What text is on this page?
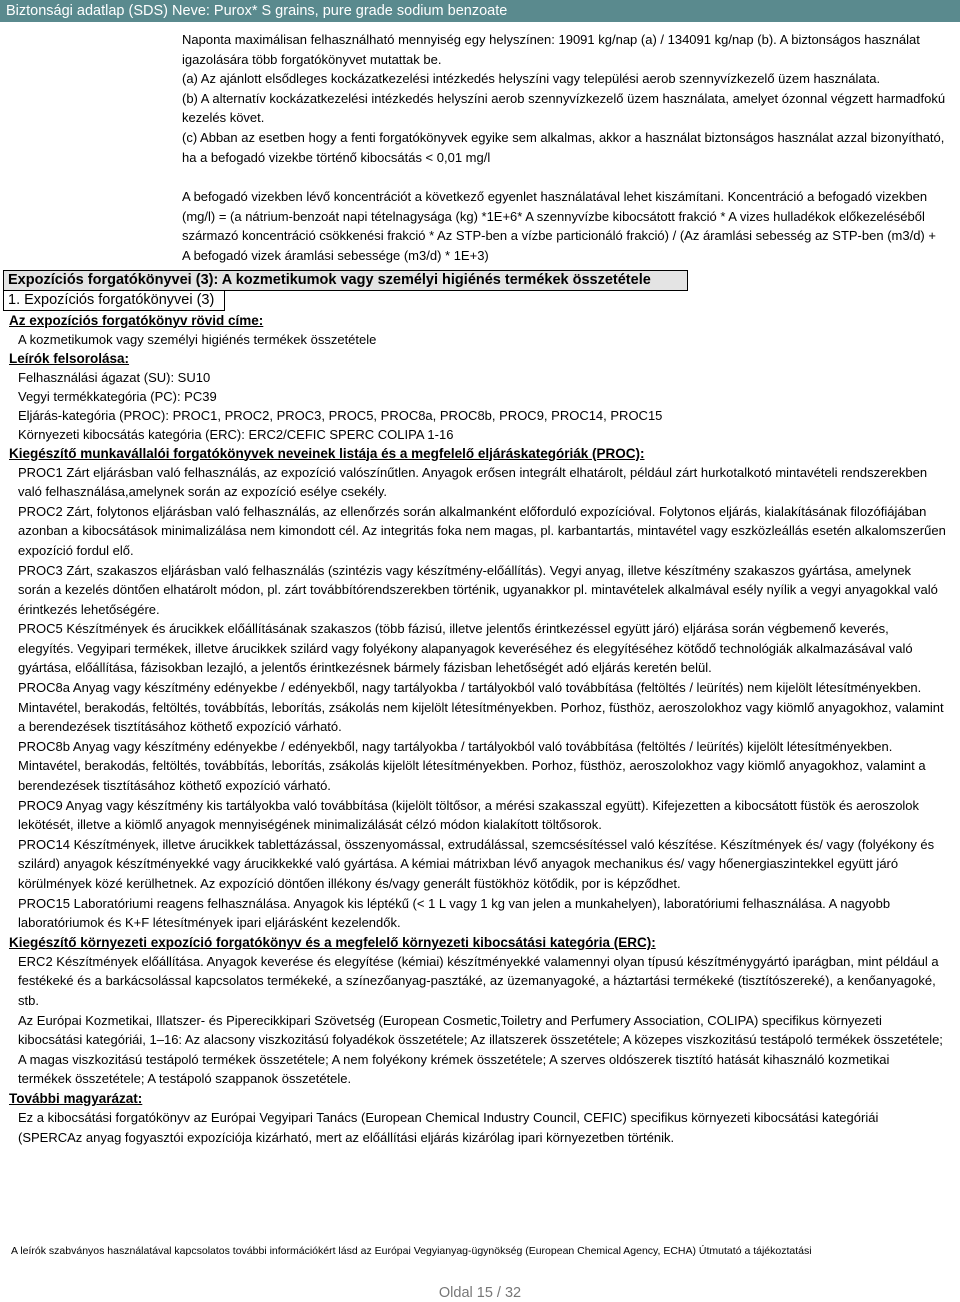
Biztonsági adatlap (SDS) Neve: Purox* S grains, pure grade sodium benzoate

Naponta maximálisan felhasználható mennyiség egy helyszínen: 19091 kg/nap (a) / 134091 kg/nap (b). A biztonságos használat igazolására több forgatókönyvet mutattak be.

(a) Az ajánlott elsődleges kockázatkezelési intézkedés helyszíni vagy települési aerob szennyvízkezelő üzem használata.

(b) A alternatív kockázatkezelési intézkedés helyszíni aerob szennyvízkezelő üzem használata, amelyet ózonnal végzett harmadfokú kezelés követ.

(c) Abban az esetben hogy a fenti forgatókönyvek egyike sem alkalmas, akkor a használat biztonságos használat azzal bizonyítható, ha a befogadó vizekbe történő kibocsátás < 0,01 mg/l

A befogadó vizekben lévő koncentrációt a következő egyenlet használatával lehet kiszámítani. Koncentráció a befogadó vizekben (mg/l) = (a nátrium-benzoát napi tételnagysága (kg) *1E+6* A szennyvízbe kibocsátott frakció * A vizes hulladékok előkezeléséből származó koncentráció csökkenési frakció * Az STP-ben a vízbe particionáló frakció) / (Az áramlási sebesség az STP-ben (m3/d) + A befogadó vizek áramlási sebessége (m3/d) * 1E+3)

Expozíciós forgatókönyvei (3): A kozmetikumok vagy személyi higiénés termékek összetétele
1. Expozíciós forgatókönyvei (3)
Az expozíciós forgatókönyv rövid címe:
A kozmetikumok vagy személyi higiénés termékek összetétele
Leírók felsorolása:
Felhasználási ágazat (SU): SU10
Vegyi termékkategória (PC): PC39
Eljárás-kategória (PROC): PROC1, PROC2, PROC3, PROC5, PROC8a, PROC8b, PROC9, PROC14, PROC15
Környezeti kibocsátás kategória (ERC): ERC2/CEFIC SPERC COLIPA 1-16
Kiegészítő munkavállalói forgatókönyvek neveinek listája és a megfelelő eljáráskategóriák (PROC):

PROC1 Zárt eljárásban való felhasználás, az expozíció valószínűtlen. Anyagok erősen integrált elhatárolt, például zárt hurkotalkotó mintavételi rendszerekben való felhasználása,amelynek során az expozíció esélye csekély.

PROC2 Zárt, folytonos eljárásban való felhasználás, az ellenőrzés során alkalmanként előforduló expozícióval. Folytonos eljárás, kialakításának filozófiájában azonban a kibocsátások minimalizálása nem kimondott cél. Az integritás foka nem magas, pl. karbantartás, mintavétel vagy eszközleállás esetén alkalomszerűen expozíció fordul elő.

PROC3 Zárt, szakaszos eljárásban való felhasználás (szintézis vagy készítmény-előállítás). Vegyi anyag, illetve készítmény szakaszos gyártása, amelynek során a kezelés döntően elhatárolt módon, pl. zárt továbbítórendszerekben történik, ugyanakkor pl. mintavételek alkalmával esély nyílik a vegyi anyagokkal való érintkezés lehetőségére.

PROC5 Készítmények és árucikkek előállításának szakaszos (több fázisú, illetve jelentős érintkezéssel együtt járó) eljárása során végbemenő keverés, elegyítés. Vegyipari termékek, illetve árucikkek szilárd vagy folyékony alapanyagok keveréséhez és elegyítéséhez kötődő technológiák alkalmazásával való gyártása, előállítása, fázisokban lezajló, a jelentős érintkezésnek bármely fázisban lehetőségét adó eljárás keretén belül.

PROC8a Anyag vagy készítmény edényekbe / edényekből, nagy tartályokba / tartályokból való továbbítása (feltöltés / leürítés) nem kijelölt létesítményekben. Mintavétel, berakodás, feltöltés, továbbítás, leborítás, zsákolás nem kijelölt létesítményekben. Porhoz, füsthöz, aeroszolokhoz vagy kiömlő anyagokhoz, valamint a berendezések tisztításához köthető expozíció várható.

PROC8b Anyag vagy készítmény edényekbe / edényekből, nagy tartályokba / tartályokból való továbbítása (feltöltés / leürítés) kijelölt létesítményekben. Mintavétel, berakodás, feltöltés, továbbítás, leborítás, zsákolás kijelölt létesítményekben. Porhoz, füsthöz, aeroszolokhoz vagy kiömlő anyagokhoz, valamint a berendezések tisztításához köthető expozíció várható.

PROC9 Anyag vagy készítmény kis tartályokba való továbbítása (kijelölt töltősor, a mérési szakasszal együtt). Kifejezetten a kibocsátott füstök és aeroszolok lekötését, illetve a kiömlő anyagok mennyiségének minimalizálását célzó módon kialakított töltősorok.

PROC14 Készítmények, illetve árucikkek tablettázással, összenyomással, extrudálással, szemcsésítéssel való készítése. Készítmények és/ vagy (folyékony és szilárd) anyagok készítményekké vagy árucikkekké való gyártása. A kémiai mátrixban lévő anyagok mechanikus és/ vagy hőenergiaszintekkel együtt járó körülmények közé kerülhetnek. Az expozíció döntően illékony és/vagy generált füstökhöz kötődik, por is képződhet.

PROC15 Laboratóriumi reagens felhasználása. Anyagok kis léptékű (< 1 L vagy 1 kg van jelen a munkahelyen), laboratóriumi felhasználása. A nagyobb laboratóriumok és K+F létesítmények ipari eljárásként kezelendők.

Kiegészítő környezeti expozíció forgatókönyv és a megfelelő környezeti kibocsátási kategória (ERC):

ERC2 Készítmények előállítása. Anyagok keverése és elegyítése (kémiai) készítményekké valamennyi olyan típusú készítménygyártó iparágban, mint például a festékeké és a barkácsolással kapcsolatos termékeké, a színezőanyag-pasztáké, az üzemanyagoké, a háztartási termékeké (tisztítószereké), a kenőanyagoké, stb.

Az Európai Kozmetikai, Illatszer- és Piperecikkipari Szövetség (European Cosmetic,Toiletry and Perfumery Association, COLIPA) specifikus környezeti kibocsátási kategóriái, 1–16: Az alacsony viszkozitású folyadékok összetétele; Az illatszerek összetétele; A közepes viszkozitású testápoló termékek összetétele; A magas viszkozitású testápoló termékek összetétele; A nem folyékony krémek összetétele; A szerves oldószerek tisztító hatását kihasználó kozmetikai termékek összetétele; A testápoló szappanok összetétele.

További magyarázat:

Ez a kibocsátási forgatókönyv az Európai Vegyipari Tanács (European Chemical Industry Council, CEFIC) specifikus környezeti kibocsátási kategóriái (SPERCAz anyag fogyasztói expozíciója kizárható, mert az előállítási eljárás kizárólag ipari környezetben történik.

A leírók szabványos használatával kapcsolatos további információkért lásd az Európai Vegyianyag-ügynökség (European Chemical Agency, ECHA) Útmutató a tájékoztatási
Oldal 15 / 32
